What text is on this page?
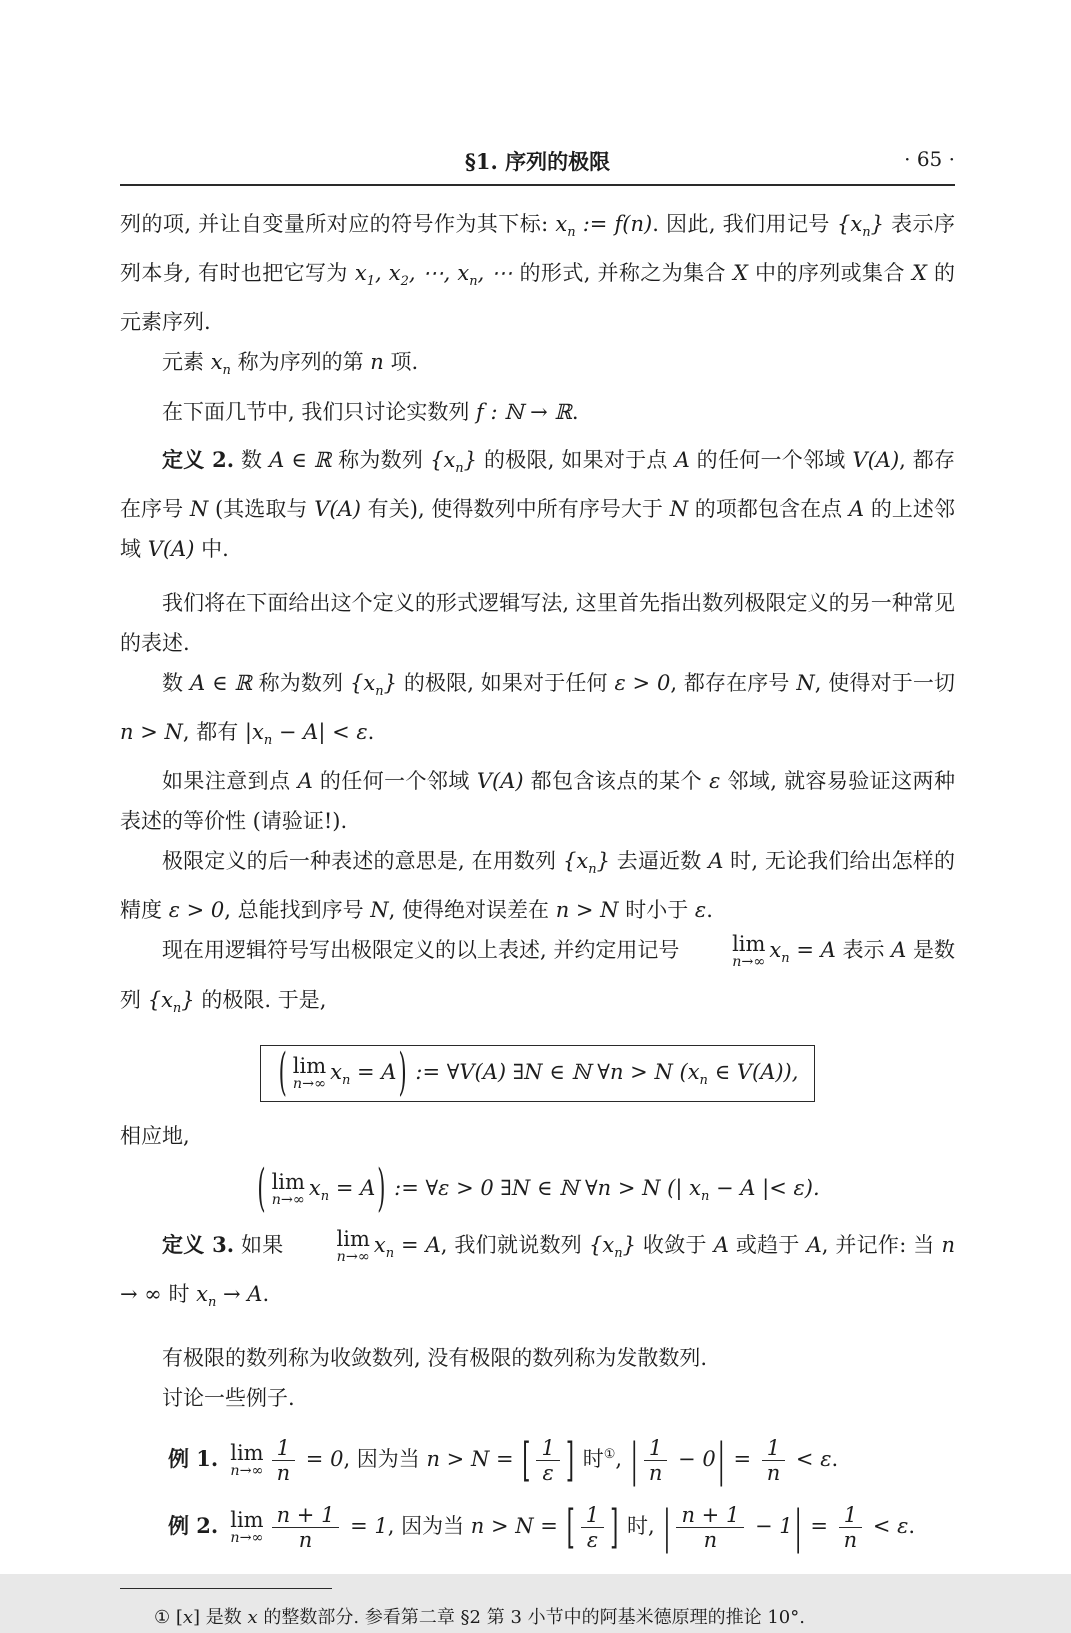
§1. 序列的极限	· 65 ·
列的项, 并让自变量所对应的符号作为其下标: $x_n$ := f(n). 因此, 我们用记号 $\{x_n\}$ 表示序列本身, 有时也把它写为 $x_1$, $x_2$, ⋯, $x_n$, ⋯ 的形式, 并称之为集合 X 中的序列或集合 X 的元素序列.
元素 $x_n$ 称为序列的第 n 项.
在下面几节中, 我们只讨论实数列 f : ℕ → ℝ.
定义 2. 数 A ∈ ℝ 称为数列 $\{x_n\}$ 的极限, 如果对于点 A 的任何一个邻域 V(A), 都存在序号 N (其选取与 V(A) 有关), 使得数列中所有序号大于 N 的项都包含在点 A 的上述邻域 V(A) 中.
我们将在下面给出这个定义的形式逻辑写法, 这里首先指出数列极限定义的另一种常见的表述.
数 A ∈ ℝ 称为数列 $\{x_n\}$ 的极限, 如果对于任何 ε > 0, 都存在序号 N, 使得对于一切 n > N, 都有 $|x_n - A| < \varepsilon$.
如果注意到点 A 的任何一个邻域 V(A) 都包含该点的某个 ε 邻域, 就容易验证这两种表述的等价性 (请验证!).
极限定义的后一种表述的意思是, 在用数列 $\{x_n\}$ 去逼近数 A 时, 无论我们给出怎样的精度 ε > 0, 总能找到序号 N, 使得绝对误差在 n > N 时小于 ε.
现在用逻辑符号写出极限定义的以上表述, 并约定用记号	lim
n→∞ $x_n = A$ 表示 A 是数列 $\{x_n\}$ 的极限. 于是,
( lim
n→∞ $x_n = A$) := ∀V(A) ∃N ∈ ℕ ∀n > N ($x_n$ ∈ V(A)),
相应地,
( lim
n→∞ $x_n = A$) := ∀ε > 0 ∃N ∈ ℕ ∀n > N (| $x_n - A$ |< ε).
定义 3. 如果	lim
n→∞ $x_n = A$, 我们就说数列 $\{x_n\}$ 收敛于 A 或趋于 A, 并记作: 当 n → ∞ 时 $x_n \to A$.
有极限的数列称为收敛数列, 没有极限的数列称为发散数列.
讨论一些例子.
例 1. lim
$n\to\infty \frac{1}{n} = 0$, 因为当 n > N = [ $\frac{1}{\varepsilon}$ ] 时①, | $\frac{1}{n} - 0| = \frac{1}{n} < \varepsilon$.
例 2. lim
$n\to\infty \frac{n + 1}{n} = 1$, 因为当 n > N = [ $\frac{1}{\varepsilon}$ ] 时, | $\frac{n + 1}{n} - 1| = \frac{1}{n} < \varepsilon$.
① [x] 是数 x 的整数部分. 参看第二章 §2 第 3 小节中的阿基米德原理的推论 10°.
